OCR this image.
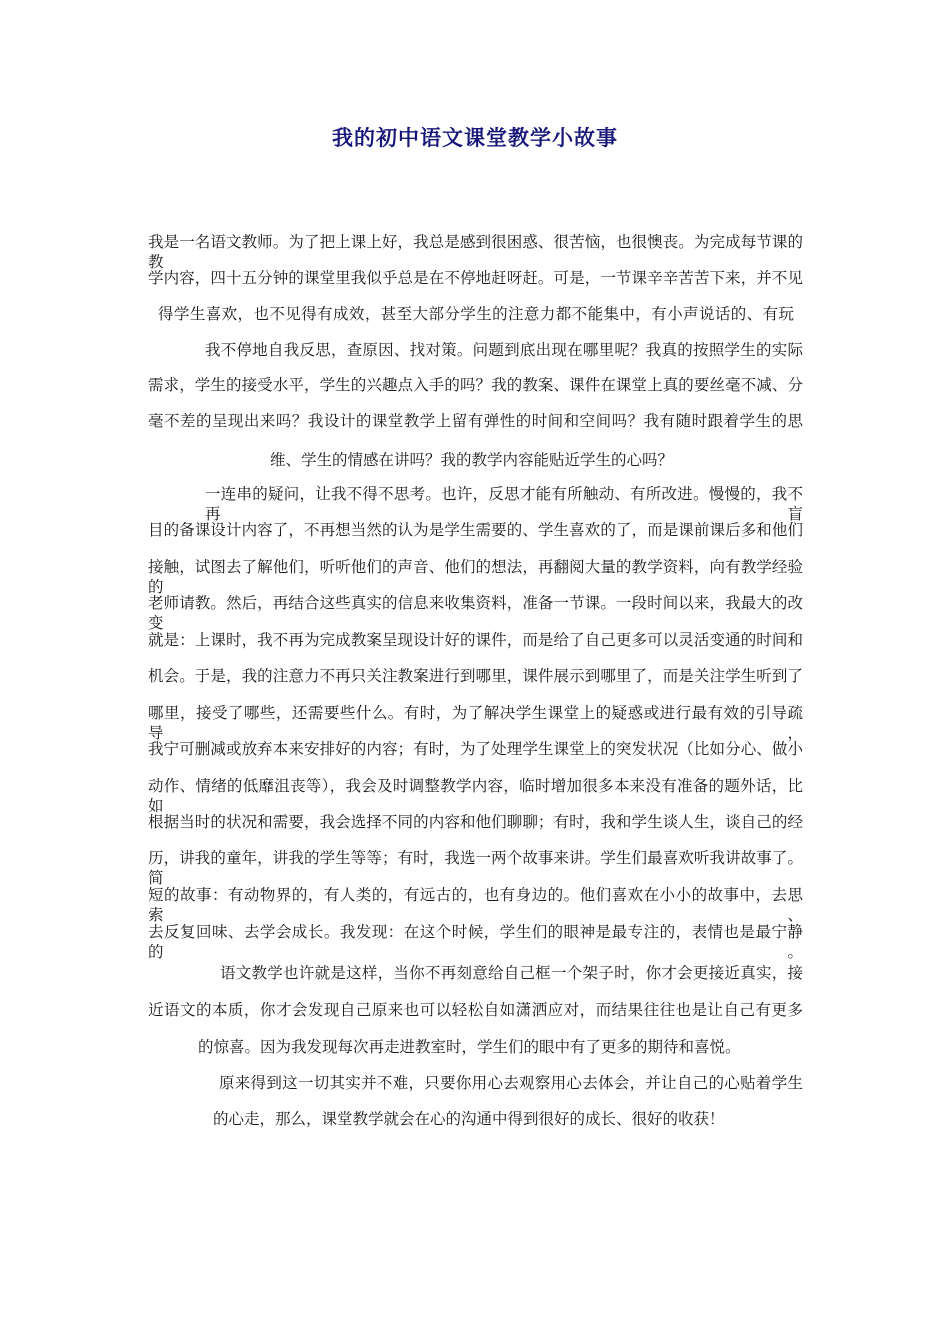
我的初中语文课堂教学小故事
我是一名语文教师。为了把上课上好，我总是感到很困惑、很苦恼，也很懊丧。为完成每节课的教
学内容，四十五分钟的课堂里我似乎总是在不停地赶呀赶。可是，一节课辛辛苦苦下来，并不见
得学生喜欢，也不见得有成效，甚至大部分学生的注意力都不能集中，有小声说话的、有玩
我不停地自我反思，查原因、找对策。问题到底出现在哪里呢？我真的按照学生的实际
需求，学生的接受水平，学生的兴趣点入手的吗？我的教案、课件在课堂上真的要丝毫不减、分
毫不差的呈现出来吗？我设计的课堂教学上留有弹性的时间和空间吗？我有随时跟着学生的思
维、学生的情感在讲吗？我的教学内容能贴近学生的心吗？
一连串的疑问，让我不得不思考。也许，反思才能有所触动、有所改进。慢慢的，我不再盲
目的备课设计内容了，不再想当然的认为是学生需要的、学生喜欢的了，而是课前课后多和他们
接触，试图去了解他们，听听他们的声音、他们的想法，再翻阅大量的教学资料，向有教学经验的
老师请教。然后，再结合这些真实的信息来收集资料，准备一节课。一段时间以来，我最大的改变
就是：上课时，我不再为完成教案呈现设计好的课件，而是给了自己更多可以灵活变通的时间和
机会。于是，我的注意力不再只关注教案进行到哪里，课件展示到哪里了，而是关注学生听到了
哪里，接受了哪些，还需要些什么。有时，为了解决学生课堂上的疑惑或进行最有效的引导疏导，
我宁可删减或放弃本来安排好的内容；有时，为了处理学生课堂上的突发状况（比如分心、做小
动作、情绪的低靡沮丧等），我会及时调整教学内容，临时增加很多本来没有准备的题外话，比如
根据当时的状况和需要，我会选择不同的内容和他们聊聊；有时，我和学生谈人生，谈自己的经
历，讲我的童年，讲我的学生等等；有时，我选一两个故事来讲。学生们最喜欢听我讲故事了。简
短的故事：有动物界的，有人类的，有远古的，也有身边的。他们喜欢在小小的故事中，去思索、
去反复回味、去学会成长。我发现：在这个时候，学生们的眼神是最专注的，表情也是最宁静的。
语文教学也许就是这样，当你不再刻意给自己框一个架子时，你才会更接近真实，接
近语文的本质，你才会发现自己原来也可以轻松自如潇洒应对，而结果往往也是让自己有更多
的惊喜。因为我发现每次再走进教室时，学生们的眼中有了更多的期待和喜悦。
原来得到这一切其实并不难，只要你用心去观察用心去体会，并让自己的心贴着学生
的心走，那么，课堂教学就会在心的沟通中得到很好的成长、很好的收获！
